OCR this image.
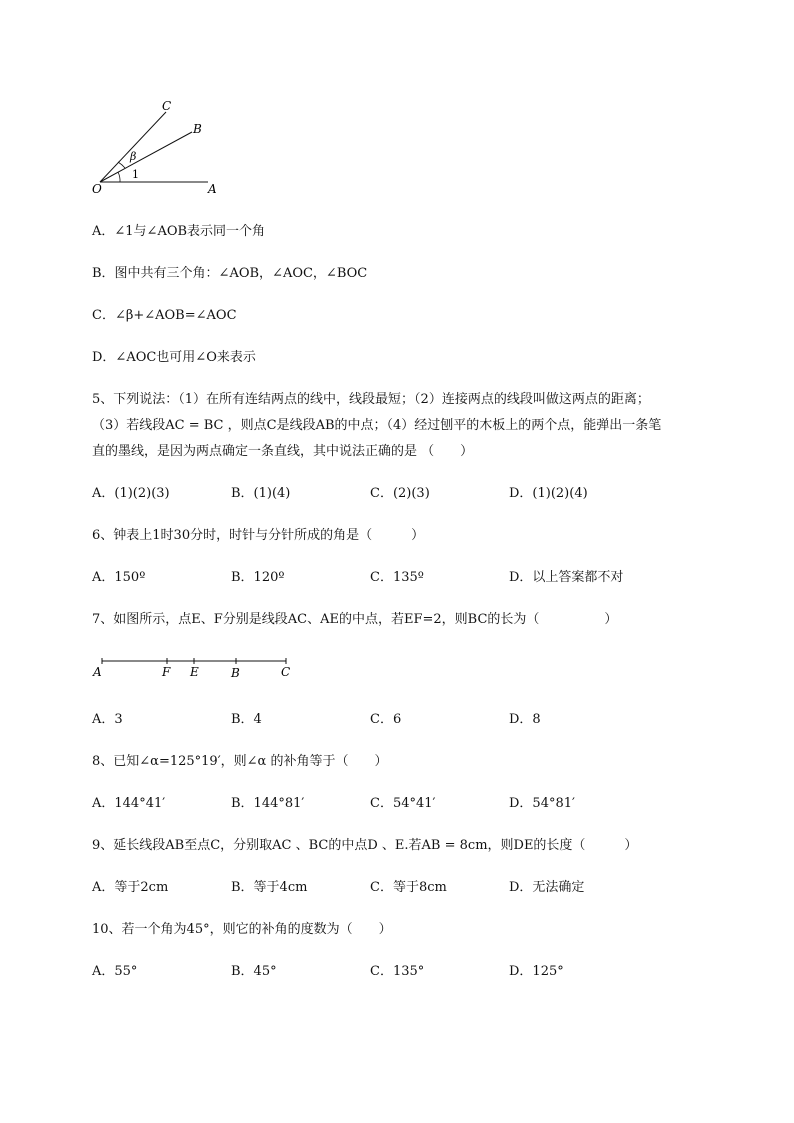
C
B
O	A
β
1
A．∠1与∠AOB表示同一个角
B．图中共有三个角：∠AOB，∠AOC，∠BOC
C．∠β+∠AOB=∠AOC
D．∠AOC也可用∠O来表示
5、下列说法：（1）在所有连结两点的线中，线段最短；（2）连接两点的线段叫做这两点的距离；
（3）若线段AC = BC ，则点C是线段AB的中点；（4）经过刨平的木板上的两个点，能弹出一条笔
直的墨线，是因为两点确定一条直线，其中说法正确的是 （　　）
A．(1)(2)(3)	B．(1)(4)	C．(2)(3)	D．(1)(2)(4)
6、钟表上1时30分时，时针与分针所成的角是（　　　）
A．150º	B．120º	C．135º	D．以上答案都不对
7、如图所示，点E、F分别是线段AC、AE的中点，若EF=2，则BC的长为（　　　　　）
A	F E	B	C
A．3	B．4	C．6	D．8
8、已知∠α=125°19′，则∠α 的补角等于（　　）
A．144°41′	B．144°81′	C．54°41′	D．54°81′
9、延长线段AB至点C，分别取AC 、BC的中点D 、E.若AB = 8cm，则DE的长度（　　　）
A．等于2cm	B．等于4cm	C．等于8cm	D．无法确定
10、若一个角为45°，则它的补角的度数为（　　）
A．55°	B．45°	C．135°	D．125°
